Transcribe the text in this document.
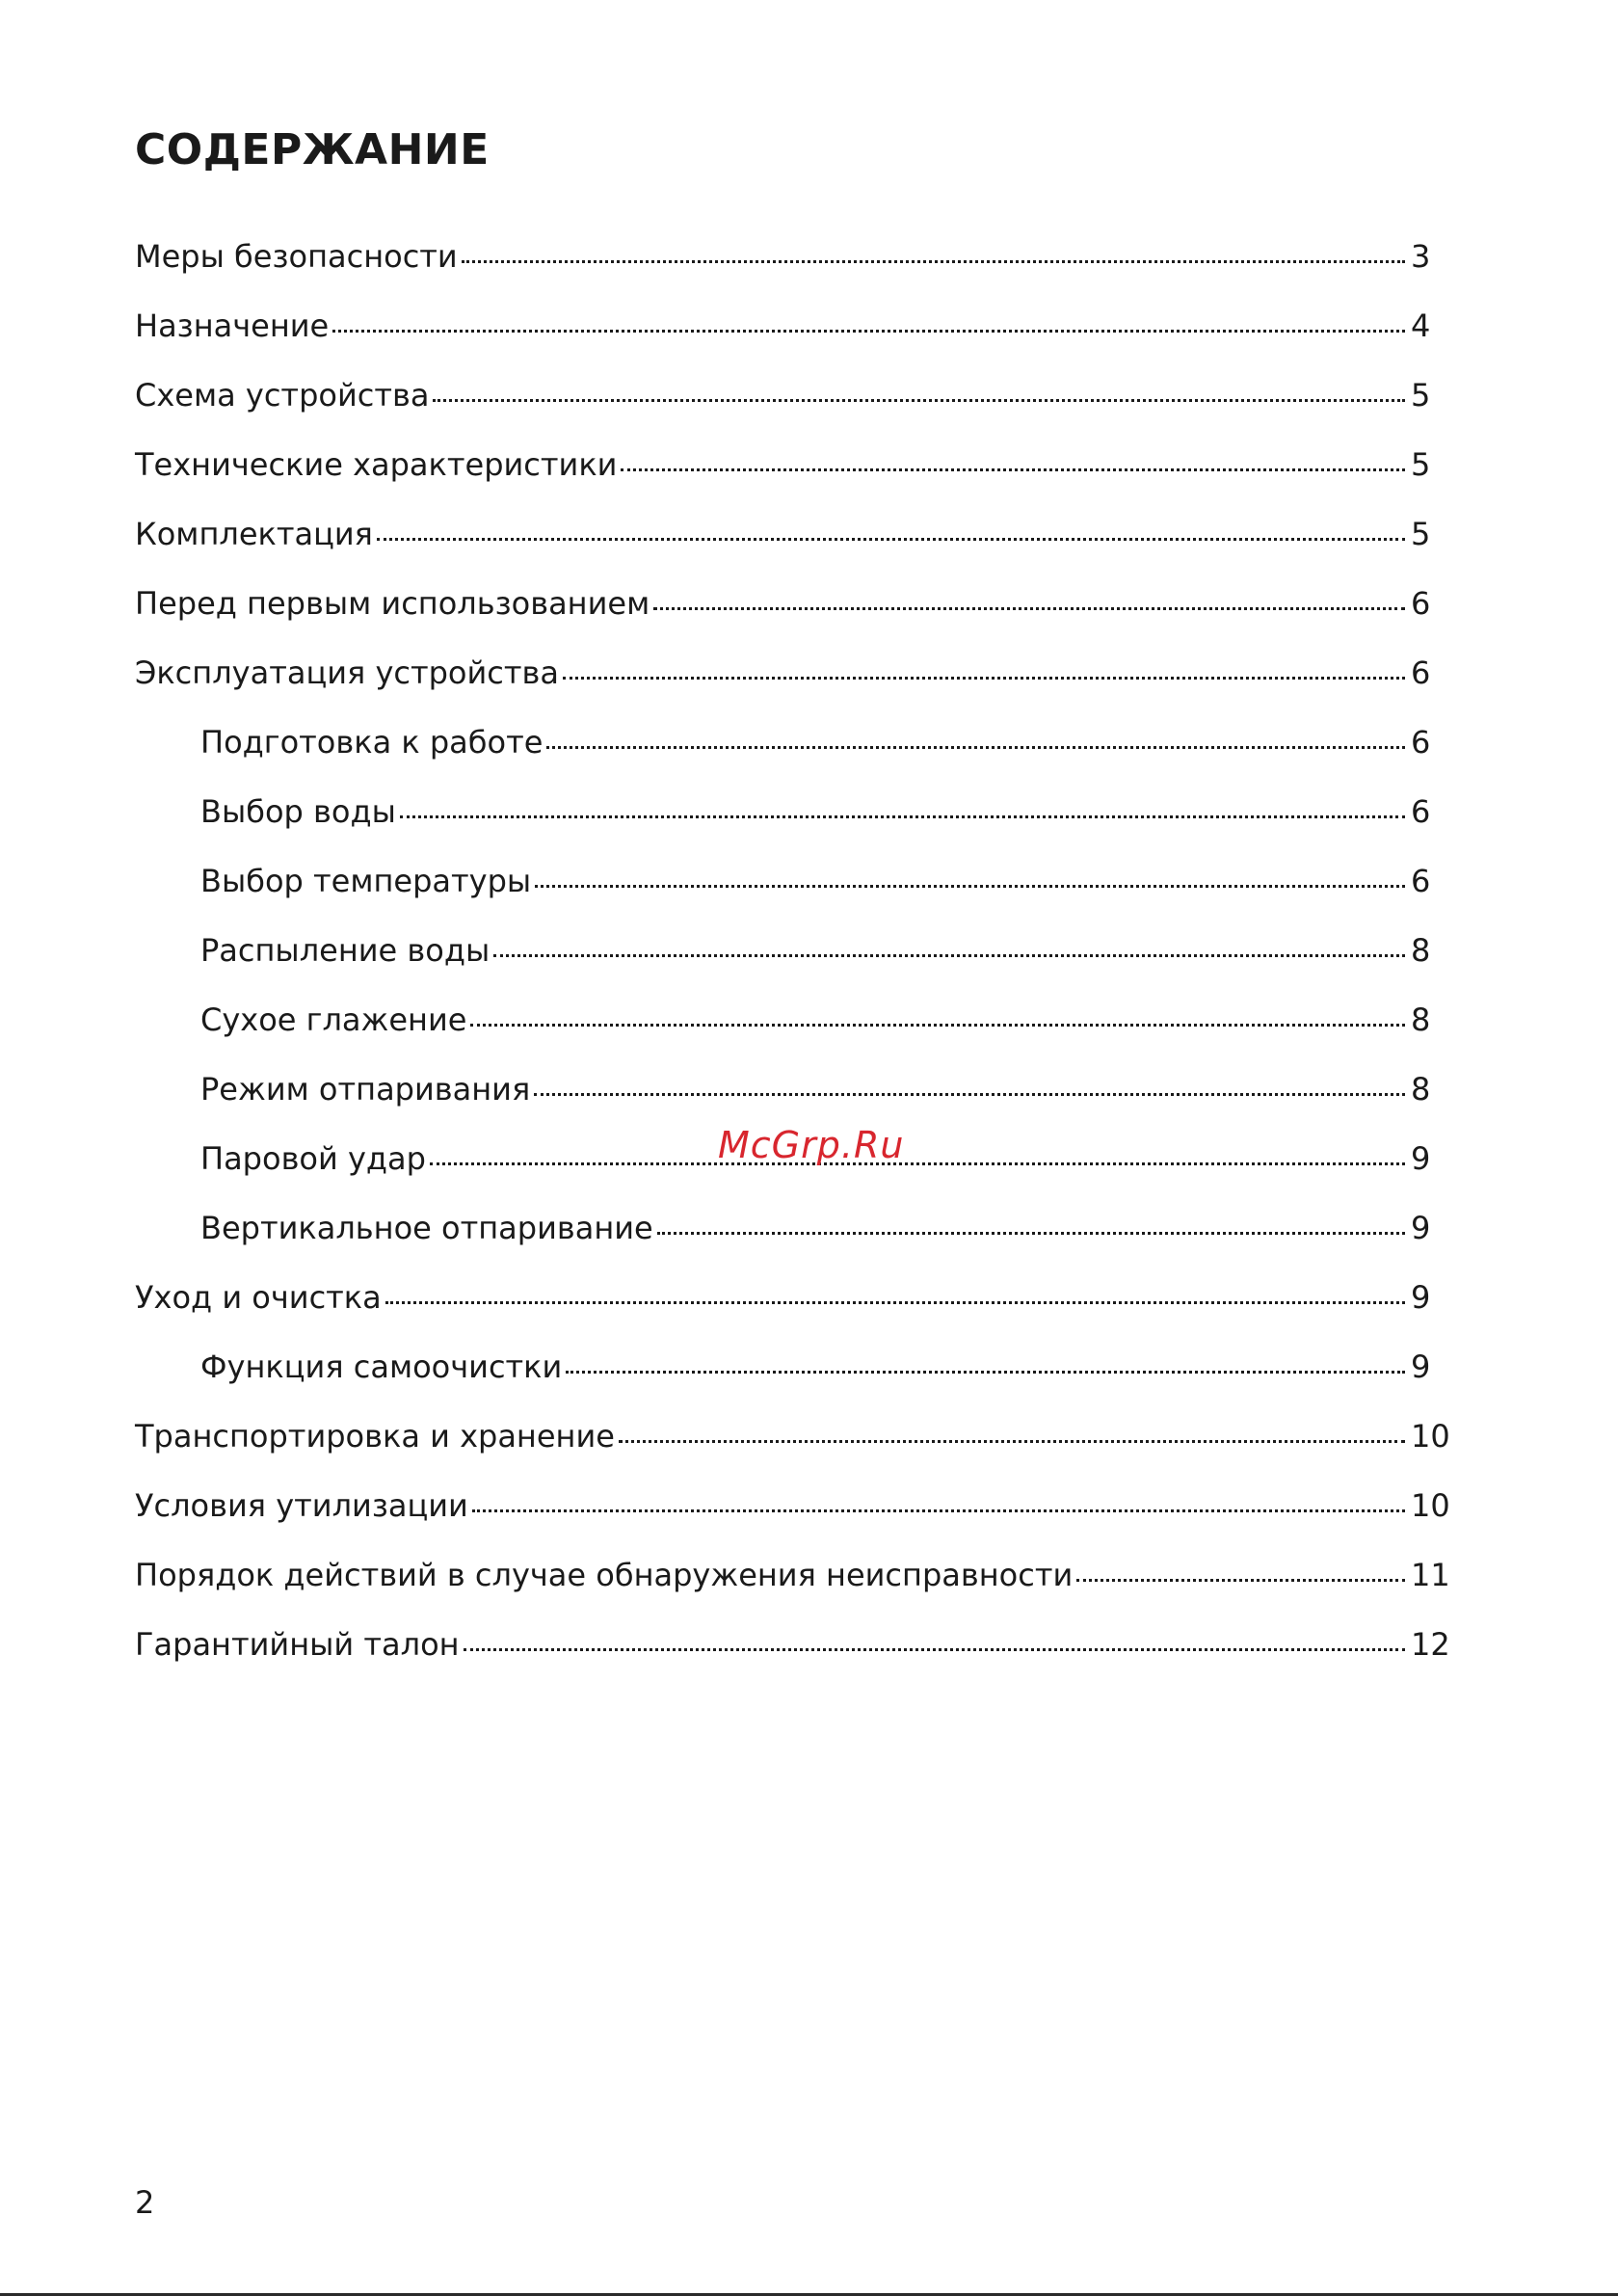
СОДЕРЖАНИЕ
Меры безопасности	3
Назначение	4
Схема устройства	5
Технические характеристики	5
Комплектация	5
Перед первым использованием	6
Эксплуатация устройства	6
Подготовка к работе	6
Выбор воды	6
Выбор температуры	6
Распыление воды	8
Сухое глажение	8
Режим отпаривания	8
Паровой удар	9
Вертикальное отпаривание	9
Уход и очистка	9
Функция самоочистки	9
Транспортировка и хранение	10
Условия утилизации	10
Порядок действий в случае обнаружения неисправности	11
Гарантийный талон	12
McGrp.Ru
2
